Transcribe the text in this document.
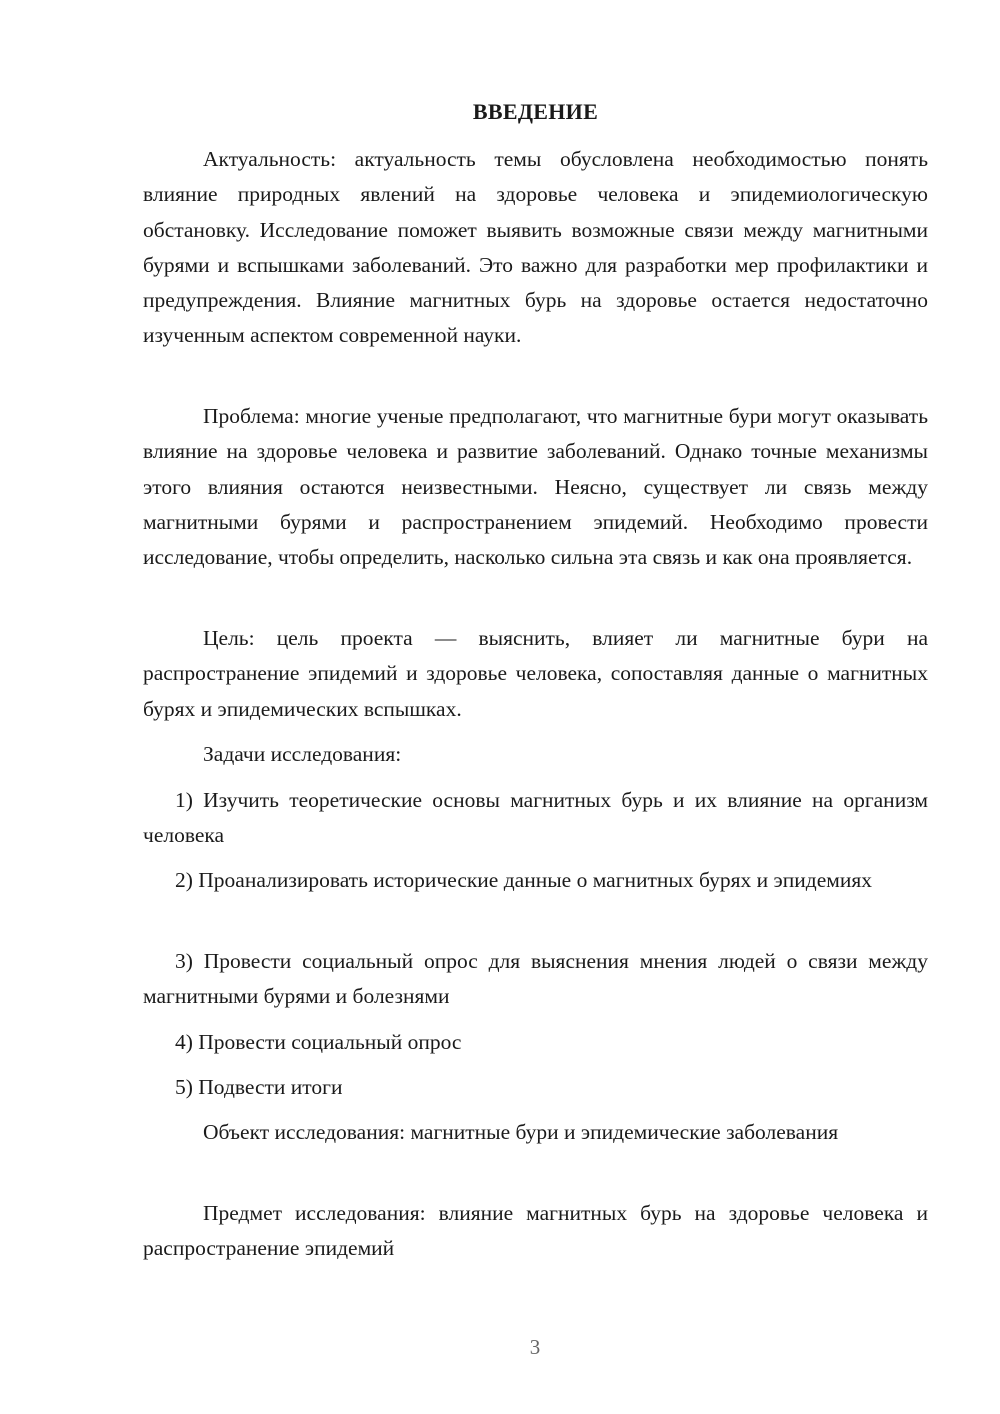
ВВЕДЕНИЕ

Актуальность: актуальность темы обусловлена необходимостью понять влияние природных явлений на здоровье человека и эпидемиологическую обстановку. Исследование поможет выявить возможные связи между магнитными бурями и вспышками заболеваний. Это важно для разработки мер профилактики и предупреждения. Влияние магнитных бурь на здоровье остается недостаточно изученным аспектом современной науки.

Проблема: многие ученые предполагают, что магнитные бури могут оказывать влияние на здоровье человека и развитие заболеваний. Однако точные механизмы этого влияния остаются неизвестными. Неясно, существует ли связь между магнитными бурями и распространением эпидемий. Необходимо провести исследование, чтобы определить, насколько сильна эта связь и как она проявляется.

Цель: цель проекта — выяснить, влияет ли магнитные бури на распространение эпидемий и здоровье человека, сопоставляя данные о магнитных бурях и эпидемических вспышках.

Задачи исследования:

1) Изучить теоретические основы магнитных бурь и их влияние на организм человека

2) Проанализировать исторические данные о магнитных бурях и эпидемиях

3) Провести социальный опрос для выяснения мнения людей о связи между магнитными бурями и болезнями

4) Провести социальный опрос

5) Подвести итоги

Объект исследования: магнитные бури и эпидемические заболевания

Предмет исследования: влияние магнитных бурь на здоровье человека и распространение эпидемий

3
